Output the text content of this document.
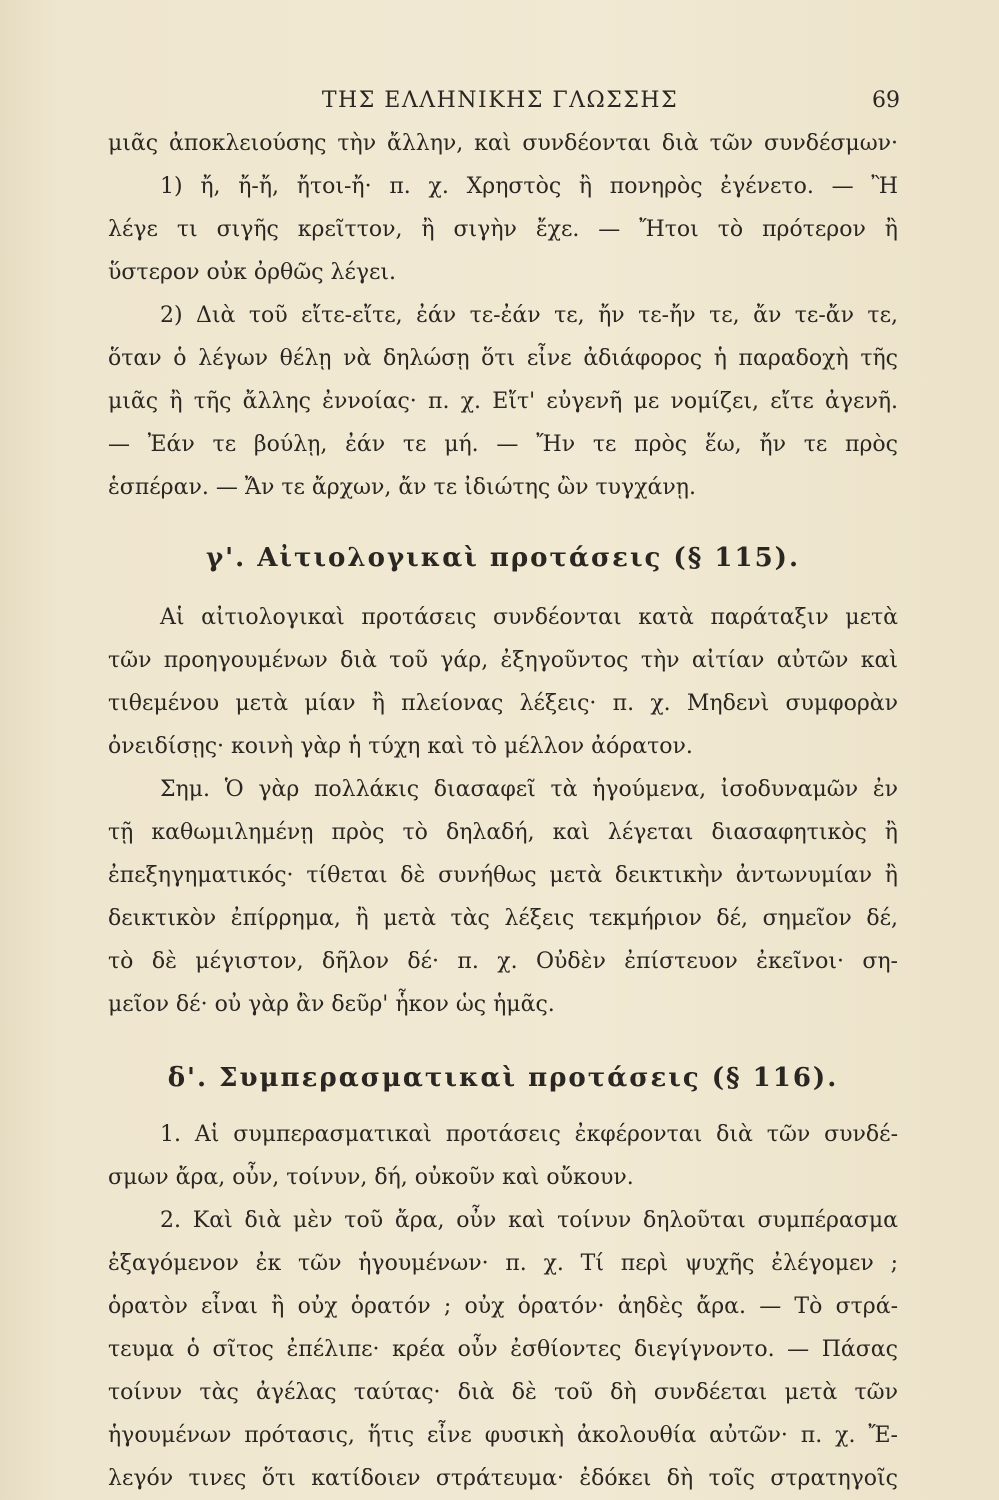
ΤΗΣ ΕΛΛΗΝΙΚΗΣ ΓΛΩΣΣΗΣ	69
μιᾶς ἀποκλειούσης τὴν ἄλλην, καὶ συνδέονται διὰ τῶν συνδέσμων·
1) ἤ, ἤ-ἤ, ἤτοι-ἤ· π. χ. Χρηστὸς ἢ πονηρὸς ἐγένετο. — Ἢ
λέγε τι σιγῆς κρεῖττον, ἢ σιγὴν ἔχε. — Ἤτοι τὸ πρότερον ἢ
ὕστερον οὐκ ὀρθῶς λέγει.
2) Διὰ τοῦ εἴτε-εἴτε, ἐάν τε-ἐάν τε, ἤν τε-ἤν τε, ἄν τε-ἄν τε,
ὅταν ὁ λέγων θέλῃ νὰ δηλώσῃ ὅτι εἶνε ἀδιάφορος ἡ παραδοχὴ τῆς
μιᾶς ἢ τῆς ἄλλης ἐννοίας· π. χ. Εἴτ' εὐγενῆ με νομίζει, εἴτε ἀγενῆ.
— Ἐάν τε βούλῃ, ἐάν τε μή. — Ἤν τε πρὸς ἕω, ἤν τε πρὸς
ἑσπέραν. — Ἄν τε ἄρχων, ἄν τε ἰδιώτης ὢν τυγχάνῃ.
γ'. Αἰτιολογικαὶ προτάσεις (§ 115).
Αἱ αἰτιολογικαὶ προτάσεις συνδέονται κατὰ παράταξιν μετὰ
τῶν προηγουμένων διὰ τοῦ γάρ, ἐξηγοῦντος τὴν αἰτίαν αὐτῶν καὶ
τιθεμένου μετὰ μίαν ἢ πλείονας λέξεις· π. χ. Μηδενὶ συμφορὰν
ὀνειδίσῃς· κοινὴ γὰρ ἡ τύχη καὶ τὸ μέλλον ἀόρατον.
Σημ. Ὁ γὰρ πολλάκις διασαφεῖ τὰ ἡγούμενα, ἰσοδυναμῶν ἐν
τῇ καθωμιλημένῃ πρὸς τὸ δηλαδή, καὶ λέγεται διασαφητικὸς ἢ
ἐπεξηγηματικός· τίθεται δὲ συνήθως μετὰ δεικτικὴν ἀντωνυμίαν ἢ
δεικτικὸν ἐπίρρημα, ἢ μετὰ τὰς λέξεις τεκμήριον δέ, σημεῖον δέ,
τὸ δὲ μέγιστον, δῆλον δέ· π. χ. Οὐδὲν ἐπίστευον ἐκεῖνοι· ση-
μεῖον δέ· οὐ γὰρ ἂν δεῦρ' ἧκον ὡς ἡμᾶς.
δ'. Συμπερασματικαὶ προτάσεις (§ 116).
1. Αἱ συμπερασματικαὶ προτάσεις ἐκφέρονται διὰ τῶν συνδέ-
σμων ἄρα, οὖν, τοίνυν, δή, οὐκοῦν καὶ οὔκουν.
2. Καὶ διὰ μὲν τοῦ ἄρα, οὖν καὶ τοίνυν δηλοῦται συμπέρασμα
ἐξαγόμενον ἐκ τῶν ἡγουμένων· π. χ. Τί περὶ ψυχῆς ἐλέγομεν ;
ὁρατὸν εἶναι ἢ οὐχ ὁρατόν ; οὐχ ὁρατόν· ἀηδὲς ἄρα. — Τὸ στρά-
τευμα ὁ σῖτος ἐπέλιπε· κρέα οὖν ἐσθίοντες διεγίγνοντο. — Πάσας
τοίνυν τὰς ἀγέλας ταύτας· διὰ δὲ τοῦ δὴ συνδέεται μετὰ τῶν
ἡγουμένων πρότασις, ἥτις εἶνε φυσικὴ ἀκολουθία αὐτῶν· π. χ. Ἔ-
λεγόν τινες ὅτι κατίδοιεν στράτευμα· ἐδόκει δὴ τοῖς στρατηγοῖς
